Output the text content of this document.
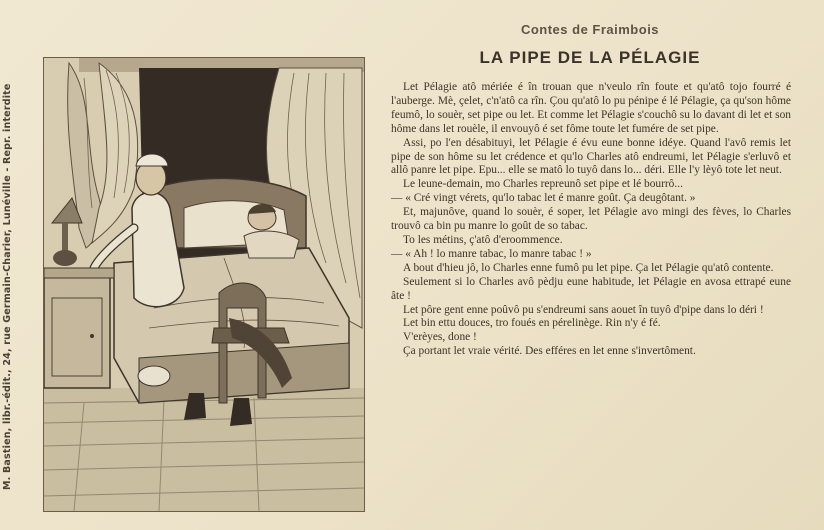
M. Bastien, libr.-édit., 24, rue Germain-Charier, Lunéville - Repr. interdite
Contes de Fraimbois
LA PIPE DE LA PÉLAGIE

Let Pélagie atô mériée é în trouan que n'veulo rîn foute et qu'atô tojo fourré é l'auberge. Mè, çelet, c'n'atô ca rîn. Çou qu'atô lo pu pénipe é lé Pélagie, ça qu'son hôme feumô, lo souèr, set pipe ou let. Et comme let Pélagie s'couchô su lo davant di let et son hôme dans let rouèle, il envouyô é set fôme toute let fumére de set pipe.

Assi, po l'en désabituyi, let Pélagie é évu eune bonne idéye. Quand l'avô remis let pipe de son hôme su let crédence et qu'lo Charles atô endreumi, let Pélagie s'erluvô et allô panre let pipe. Epu... elle se matô lo tuyô dans lo... déri. Elle l'y lèyô tote let neut.

Le leune-demain, mo Charles repreunô set pipe et lé bourrô...

— « Cré vingt vérets, qu'lo tabac let é manre goût. Ça deugôtant. »

Et, majunôve, quand lo souèr, é soper, let Pélagie avo mingi des fèves, lo Charles trouvô ca bin pu manre lo goût de so tabac.

To les métins, ç'atô d'eroommence.

— « Ah ! lo manre tabac, lo manre tabac ! »

A bout d'hieu jô, lo Charles enne fumô pu let pipe. Ça let Pélagie qu'atô contente.

Seulement si lo Charles avô pèdju eune habitude, let Pélagie en avosa ettrapé eune âte !

Let pôre gent enne poûvô pu s'endreumi sans aouet în tuyô d'pipe dans lo déri !

Let bin ettu douces, tro foués en pérelinège. Rin n'y é fé.

V'erèyes, done !

Ça portant let vraie vérité. Des efféres en let enne s'invertôment.
